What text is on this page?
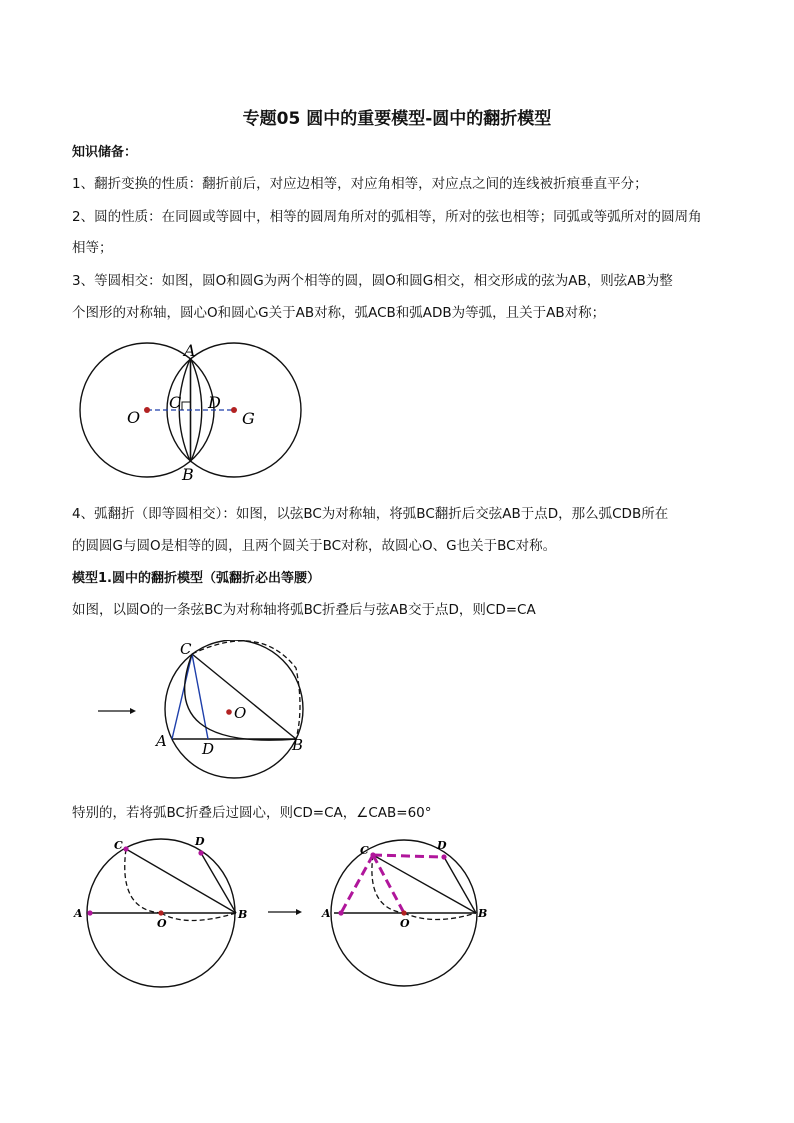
专题05 圆中的重要模型-圆中的翻折模型
知识储备：
1、翻折变换的性质：翻折前后，对应边相等，对应角相等，对应点之间的连线被折痕垂直平分；
2、圆的性质：在同圆或等圆中，相等的圆周角所对的弧相等，所对的弦也相等；同弧或等弧所对的圆周角
相等；
3、等圆相交：如图，圆O和圆G为两个相等的圆，圆O和圆G相交，相交形成的弦为AB，则弦AB为整
个图形的对称轴，圆心O和圆心G关于AB对称，弧ACB和弧ADB为等弧，且关于AB对称；
A
B
C D
O	G
4、弧翻折（即等圆相交）：如图，以弦BC为对称轴，将弧BC翻折后交弦AB于点D，那么弧CDB所在
的圆圆G与圆O是相等的圆，且两个圆关于BC对称，故圆心O、G也关于BC对称。
模型1.圆中的翻折模型（弧翻折必出等腰）
如图，以圆O的一条弦BC为对称轴将弧BC折叠后与弦AB交于点D，则CD=CA
C
A D	B
O
特别的，若将弧BC折叠后过圆心，则CD=CA，∠CAB=60°
C	D
A	B
O
C	D
A	B
O
